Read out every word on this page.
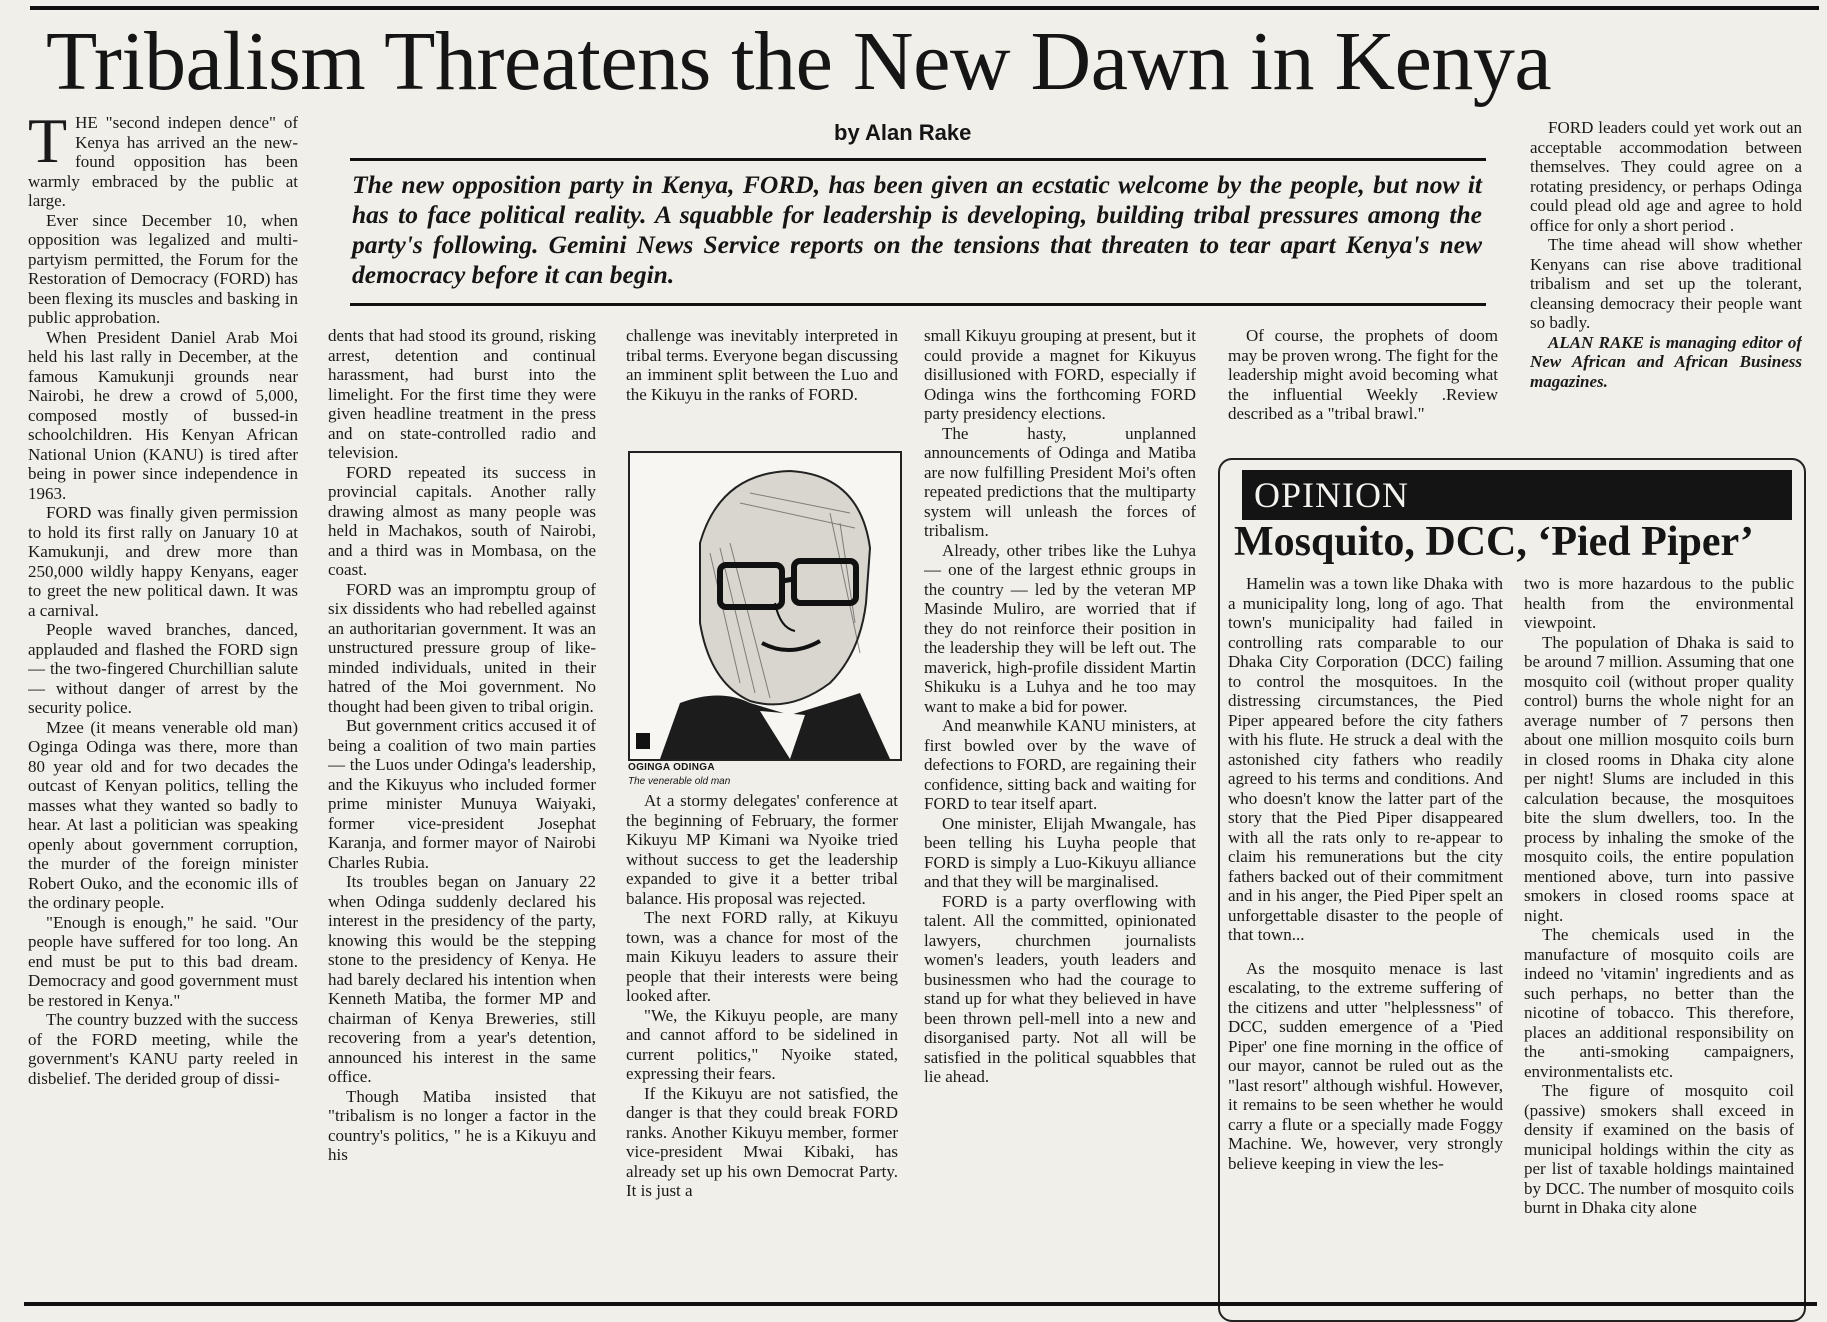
Tribalism Threatens the New Dawn in Kenya
by Alan Rake

The new opposition party in Kenya, FORD, has been given an ecstatic welcome by the people, but now it has to face political reality. A squabble for leadership is developing, building tribal pressures among the party's following. Gemini News Service reports on the tensions that threaten to tear apart Kenya's new democracy before it can begin.

THE "second indepen dence" of Kenya has arrived an the new-found opposition has been warmly embraced by the public at large.

Ever since December 10, when opposition was legalized and multi-partyism permitted, the Forum for the Restoration of Democracy (FORD) has been flexing its muscles and basking in public approbation.

When President Daniel Arab Moi held his last rally in December, at the famous Kamukunji grounds near Nairobi, he drew a crowd of 5,000, composed mostly of bussed-in schoolchildren. His Kenyan African National Union (KANU) is tired after being in power since independence in 1963.

FORD was finally given permission to hold its first rally on January 10 at Kamukunji, and drew more than 250,000 wildly happy Kenyans, eager to greet the new political dawn. It was a carnival.

People waved branches, danced, applauded and flashed the FORD sign — the two-fingered Churchillian salute — without danger of arrest by the security police.

Mzee (it means venerable old man) Oginga Odinga was there, more than 80 year old and for two decades the outcast of Kenyan politics, telling the masses what they wanted so badly to hear. At last a politician was speaking openly about government corruption, the murder of the foreign minister Robert Ouko, and the economic ills of the ordinary people.

"Enough is enough," he said. "Our people have suffered for too long. An end must be put to this bad dream. Democracy and good government must be restored in Kenya."

The country buzzed with the success of the FORD meeting, while the government's KANU party reeled in disbelief. The derided group of dissi-

dents that had stood its ground, risking arrest, detention and continual harassment, had burst into the limelight. For the first time they were given headline treatment in the press and on state-controlled radio and television.

FORD repeated its success in provincial capitals. Another rally drawing almost as many people was held in Machakos, south of Nairobi, and a third was in Mombasa, on the coast.

FORD was an impromptu group of six dissidents who had rebelled against an authoritarian government. It was an unstructured pressure group of like-minded individuals, united in their hatred of the Moi government. No thought had been given to tribal origin.

But government critics accused it of being a coalition of two main parties — the Luos under Odinga's leadership, and the Kikuyus who included former prime minister Munuya Waiyaki, former vice-president Josephat Karanja, and former mayor of Nairobi Charles Rubia.

Its troubles began on January 22 when Odinga suddenly declared his interest in the presidency of the party, knowing this would be the stepping stone to the presidency of Kenya. He had barely declared his intention when Kenneth Matiba, the former MP and chairman of Kenya Breweries, still recovering from a year's detention, announced his interest in the same office.

Though Matiba insisted that "tribalism is no longer a factor in the country's politics, " he is a Kikuyu and his

challenge was inevitably interpreted in tribal terms. Everyone began discussing an imminent split between the Luo and the Kikuyu in the ranks of FORD.

OGINGA ODINGA
The venerable old man

At a stormy delegates' conference at the beginning of February, the former Kikuyu MP Kimani wa Nyoike tried without success to get the leadership expanded to give it a better tribal balance. His proposal was rejected.

The next FORD rally, at Kikuyu town, was a chance for most of the main Kikuyu leaders to assure their people that their interests were being looked after.

"We, the Kikuyu people, are many and cannot afford to be sidelined in current politics," Nyoike stated, expressing their fears.

If the Kikuyu are not satisfied, the danger is that they could break FORD ranks. Another Kikuyu member, former vice-president Mwai Kibaki, has already set up his own Democrat Party. It is just a

small Kikuyu grouping at present, but it could provide a magnet for Kikuyus disillusioned with FORD, especially if Odinga wins the forthcoming FORD party presidency elections.

The hasty, unplanned announcements of Odinga and Matiba are now fulfilling President Moi's often repeated predictions that the multiparty system will unleash the forces of tribalism.

Already, other tribes like the Luhya — one of the largest ethnic groups in the country — led by the veteran MP Masinde Muliro, are worried that if they do not reinforce their position in the leadership they will be left out. The maverick, high-profile dissident Martin Shikuku is a Luhya and he too may want to make a bid for power.

And meanwhile KANU ministers, at first bowled over by the wave of defections to FORD, are regaining their confidence, sitting back and waiting for FORD to tear itself apart.

One minister, Elijah Mwangale, has been telling his Luyha people that FORD is simply a Luo-Kikuyu alliance and that they will be marginalised.

FORD is a party overflowing with talent. All the committed, opinionated lawyers, churchmen journalists women's leaders, youth leaders and businessmen who had the courage to stand up for what they believed in have been thrown pell-mell into a new and disorganised party. Not all will be satisfied in the political squabbles that lie ahead.

Of course, the prophets of doom may be proven wrong. The fight for the leadership might avoid becoming what the influential Weekly .Review described as a "tribal brawl."

FORD leaders could yet work out an acceptable accommodation between themselves. They could agree on a rotating presidency, or perhaps Odinga could plead old age and agree to hold office for only a short period .

The time ahead will show whether Kenyans can rise above traditional tribalism and set up the tolerant, cleansing democracy their people want so badly.

ALAN RAKE is managing editor of New African and African Business magazines.

OPINION
Mosquito, DCC, ‘Pied Piper’

Hamelin was a town like Dhaka with a municipality long, long of ago. That town's municipality had failed in controlling rats comparable to our Dhaka City Corporation (DCC) failing to control the mosquitoes. In the distressing circumstances, the Pied Piper appeared before the city fathers with his flute. He struck a deal with the astonished city fathers who readily agreed to his terms and conditions. And who doesn't know the latter part of the story that the Pied Piper disappeared with all the rats only to re-appear to claim his remunerations but the city fathers backed out of their commitment and in his anger, the Pied Piper spelt an unforgettable disaster to the people of that town...

As the mosquito menace is last escalating, to the extreme suffering of the citizens and utter "helplessness" of DCC, sudden emergence of a 'Pied Piper' one fine morning in the office of our mayor, cannot be ruled out as the "last resort" although wishful. However, it remains to be seen whether he would carry a flute or a specially made Foggy Machine. We, however, very strongly believe keeping in view the les-

two is more hazardous to the public health from the environmental viewpoint.

The population of Dhaka is said to be around 7 million. Assuming that one mosquito coil (without proper quality control) burns the whole night for an average number of 7 persons then about one million mosquito coils burn in closed rooms in Dhaka city alone per night! Slums are included in this calculation because, the mosquitoes bite the slum dwellers, too. In the process by inhaling the smoke of the mosquito coils, the entire population mentioned above, turn into passive smokers in closed rooms space at night.

The chemicals used in the manufacture of mosquito coils are indeed no 'vitamin' ingredients and as such perhaps, no better than the nicotine of tobacco. This therefore, places an additional responsibility on the anti-smoking campaigners, environmentalists etc.

The figure of mosquito coil (passive) smokers shall exceed in density if examined on the basis of municipal holdings within the city as per list of taxable holdings maintained by DCC. The number of mosquito coils burnt in Dhaka city alone
